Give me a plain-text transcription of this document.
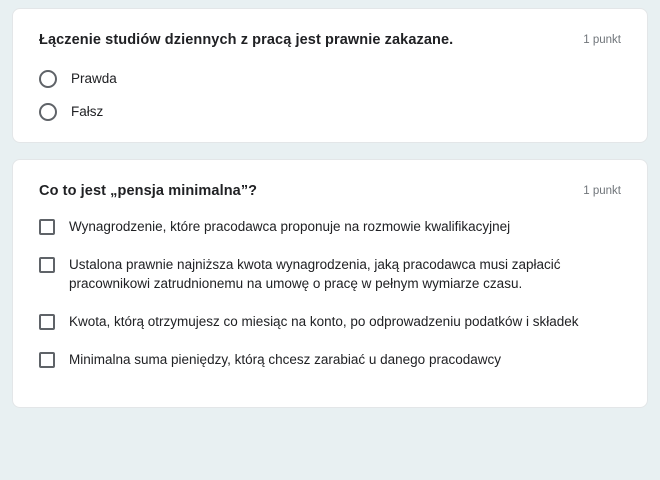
Łączenie studiów dziennych z pracą jest prawnie zakazane.	1 punkt
Prawda
Fałsz
Co to jest „pensja minimalna”?	1 punkt
Wynagrodzenie, które pracodawca proponuje na rozmowie kwalifikacyjnej
Ustalona prawnie najniższa kwota wynagrodzenia, jaką pracodawca musi zapłacić pracownikowi zatrudnionemu na umowę o pracę w pełnym wymiarze czasu.
Kwota, którą otrzymujesz co miesiąc na konto, po odprowadzeniu podatków i składek
Minimalna suma pieniędzy, którą chcesz zarabiać u danego pracodawcy
